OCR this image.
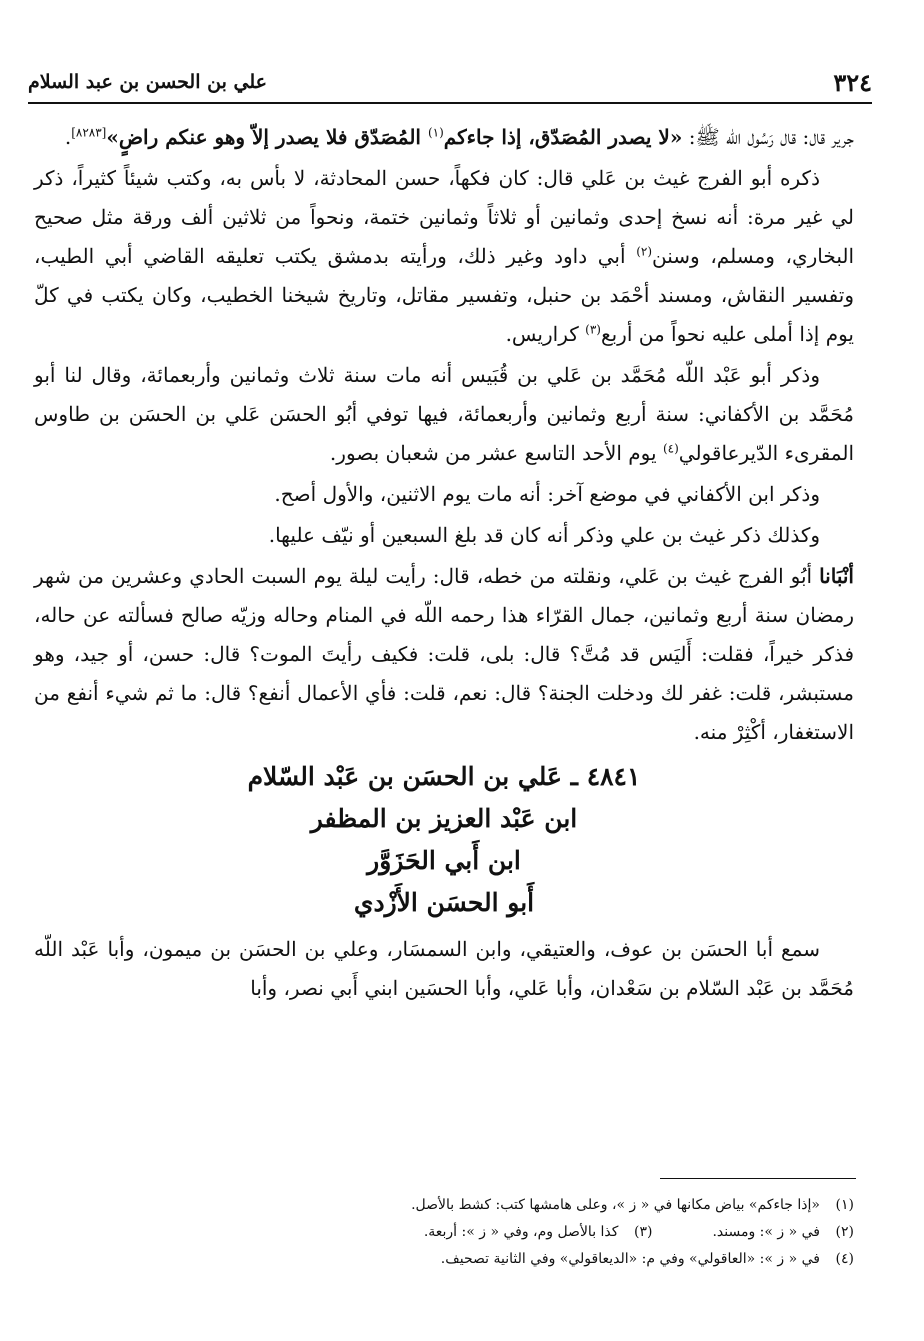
٣٢٤
علي بن الحسن بن عبد السلام

جرير قال: قال رَسُول الله ﷺ: «لا يصدر المُصَدّق، إذا جاءكم$^{(١)}$ المُصَدّق فلا يصدر إلاّ وهو عنكم راضٍ»[٨٢٨٣].

ذكره أبو الفرج غيث بن عَلي قال: كان فكهاً، حسن المحادثة، لا بأس به، وكتب شيئاً كثيراً، ذكر لي غير مرة: أنه نسخ إحدى وثمانين أو ثلاثاً وثمانين ختمة، ونحواً من ثلاثين ألف ورقة مثل صحيح البخاري، ومسلم، وسنن$^{(٢)}$ أبي داود وغير ذلك، ورأيته بدمشق يكتب تعليقه القاضي أبي الطيب، وتفسير النقاش، ومسند أحْمَد بن حنبل، وتفسير مقاتل، وتاريخ شيخنا الخطيب، وكان يكتب في كلّ يوم إذا أملى عليه نحواً من أربع$^{(٣)}$ كراريس.

وذكر أبو عَبْد اللّه مُحَمَّد بن عَلي بن قُبَيس أنه مات سنة ثلاث وثمانين وأربعمائة، وقال لنا أبو مُحَمَّد بن الأكفاني: سنة أربع وثمانين وأربعمائة، فيها توفي أبُو الحسَن عَلي بن الحسَن بن طاوس المقرىء الدّيرعاقولي$^{(٤)}$ يوم الأحد التاسع عشر من شعبان بصور.

وذكر ابن الأكفاني في موضع آخر: أنه مات يوم الاثنين، والأول أصح.

وكذلك ذكر غيث بن علي وذكر أنه كان قد بلغ السبعين أو نيّف عليها.

أنْبَانا أبُو الفرج غيث بن عَلي، ونقلته من خطه، قال: رأيت ليلة يوم السبت الحادي وعشرين من شهر رمضان سنة أربع وثمانين، جمال القرّاء هذا رحمه اللّه في المنام وحاله وزيّه صالح فسألته عن حاله، فذكر خيراً، فقلت: أَليَس قد مُتَّ؟ قال: بلى، قلت: فكيف رأيتَ الموت؟ قال: حسن، أو جيد، وهو مستبشر، قلت: غفر لك ودخلت الجنة؟ قال: نعم، قلت: فأي الأعمال أنفع؟ قال: ما ثم شيء أنفع من الاستغفار، أكْثِرْ منه.

٤٨٤١ ـ عَلي بن الحسَن بن عَبْد السّلام
ابن عَبْد العزيز بن المظفر
ابن أَبي الحَزَوَّر
أَبو الحسَن الأَزْدي

سمع أبا الحسَن بن عوف، والعتيقي، وابن السمسَار، وعلي بن الحسَن بن ميمون، وأبا عَبْد اللّه مُحَمَّد بن عَبْد السّلام بن سَعْدان، وأبا عَلي، وأبا الحسَين ابني أَبي نصر، وأبا

(١)«إذا جاءكم» بياض مكانها في « ز »، وعلى هامشها كتب: كشط بالأصل.
(٢)في « ز »: ومسند.(٣)كذا بالأصل وم، وفي « ز »: أربعة.
(٤)في « ز »: «العاقولي» وفي م: «الديعاقولي» وفي الثانية تصحيف.
